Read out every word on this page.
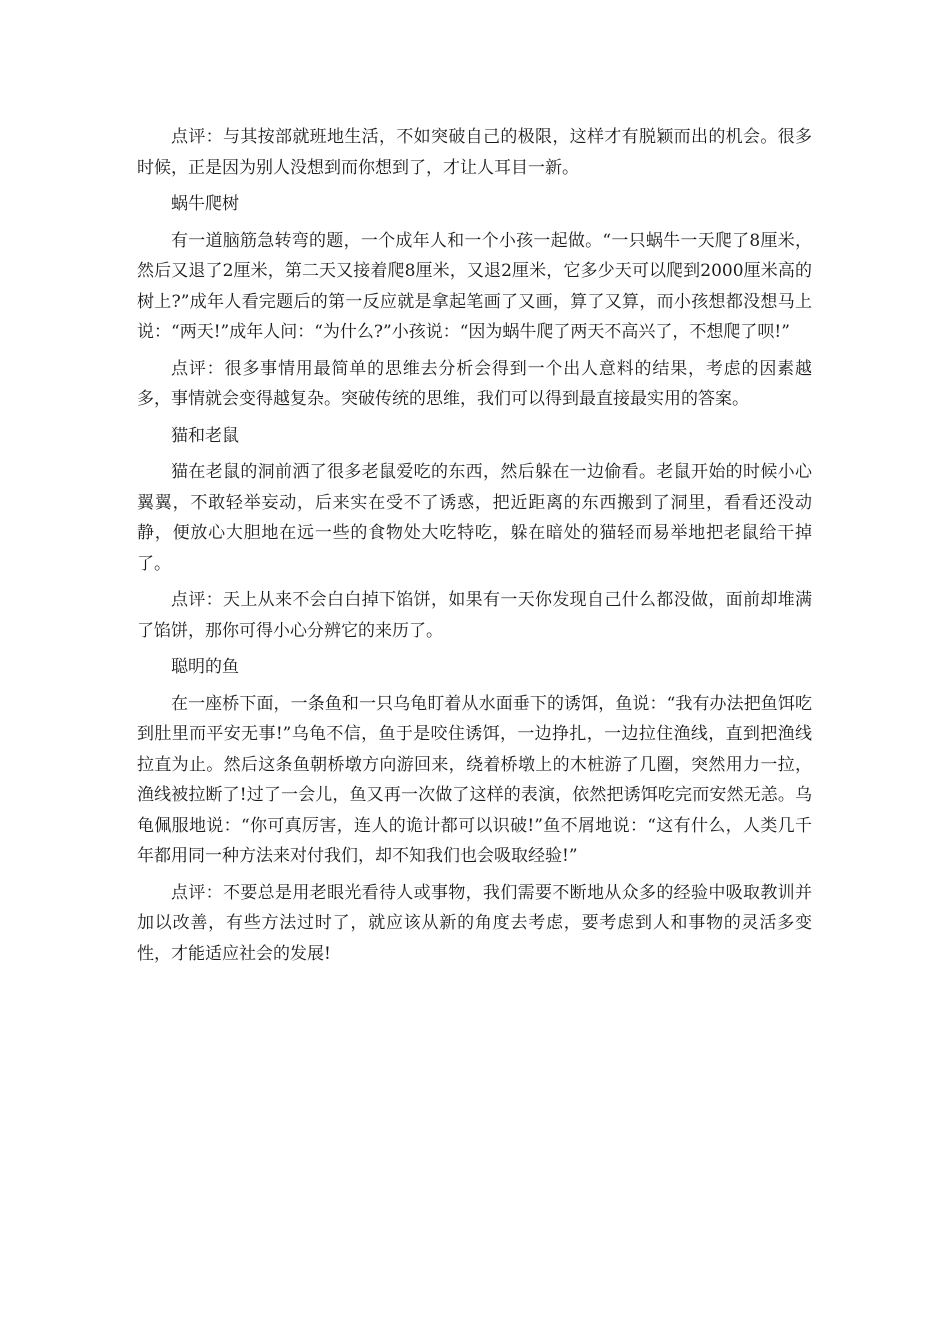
点评：与其按部就班地生活，不如突破自己的极限，这样才有脱颖而出的机会。很多时候，正是因为别人没想到而你想到了，才让人耳目一新。

蜗牛爬树

有一道脑筋急转弯的题，一个成年人和一个小孩一起做。“一只蜗牛一天爬了8厘米，然后又退了2厘米，第二天又接着爬8厘米，又退2厘米，它多少天可以爬到2000厘米高的树上?”成年人看完题后的第一反应就是拿起笔画了又画，算了又算，而小孩想都没想马上说：“两天!”成年人问：“为什么?”小孩说：“因为蜗牛爬了两天不高兴了，不想爬了呗!”

点评：很多事情用最简单的思维去分析会得到一个出人意料的结果，考虑的因素越多，事情就会变得越复杂。突破传统的思维，我们可以得到最直接最实用的答案。

猫和老鼠

猫在老鼠的洞前洒了很多老鼠爱吃的东西，然后躲在一边偷看。老鼠开始的时候小心翼翼，不敢轻举妄动，后来实在受不了诱惑，把近距离的东西搬到了洞里，看看还没动静，便放心大胆地在远一些的食物处大吃特吃，躲在暗处的猫轻而易举地把老鼠给干掉了。

点评：天上从来不会白白掉下馅饼，如果有一天你发现自己什么都没做，面前却堆满了馅饼，那你可得小心分辨它的来历了。

聪明的鱼

在一座桥下面，一条鱼和一只乌龟盯着从水面垂下的诱饵，鱼说：“我有办法把鱼饵吃到肚里而平安无事!”乌龟不信，鱼于是咬住诱饵，一边挣扎，一边拉住渔线，直到把渔线拉直为止。然后这条鱼朝桥墩方向游回来，绕着桥墩上的木桩游了几圈，突然用力一拉，渔线被拉断了!过了一会儿，鱼又再一次做了这样的表演，依然把诱饵吃完而安然无恙。乌龟佩服地说：“你可真厉害，连人的诡计都可以识破!”鱼不屑地说：“这有什么，人类几千年都用同一种方法来对付我们，却不知我们也会吸取经验!”

点评：不要总是用老眼光看待人或事物，我们需要不断地从众多的经验中吸取教训并加以改善，有些方法过时了，就应该从新的角度去考虑，要考虑到人和事物的灵活多变性，才能适应社会的发展!
